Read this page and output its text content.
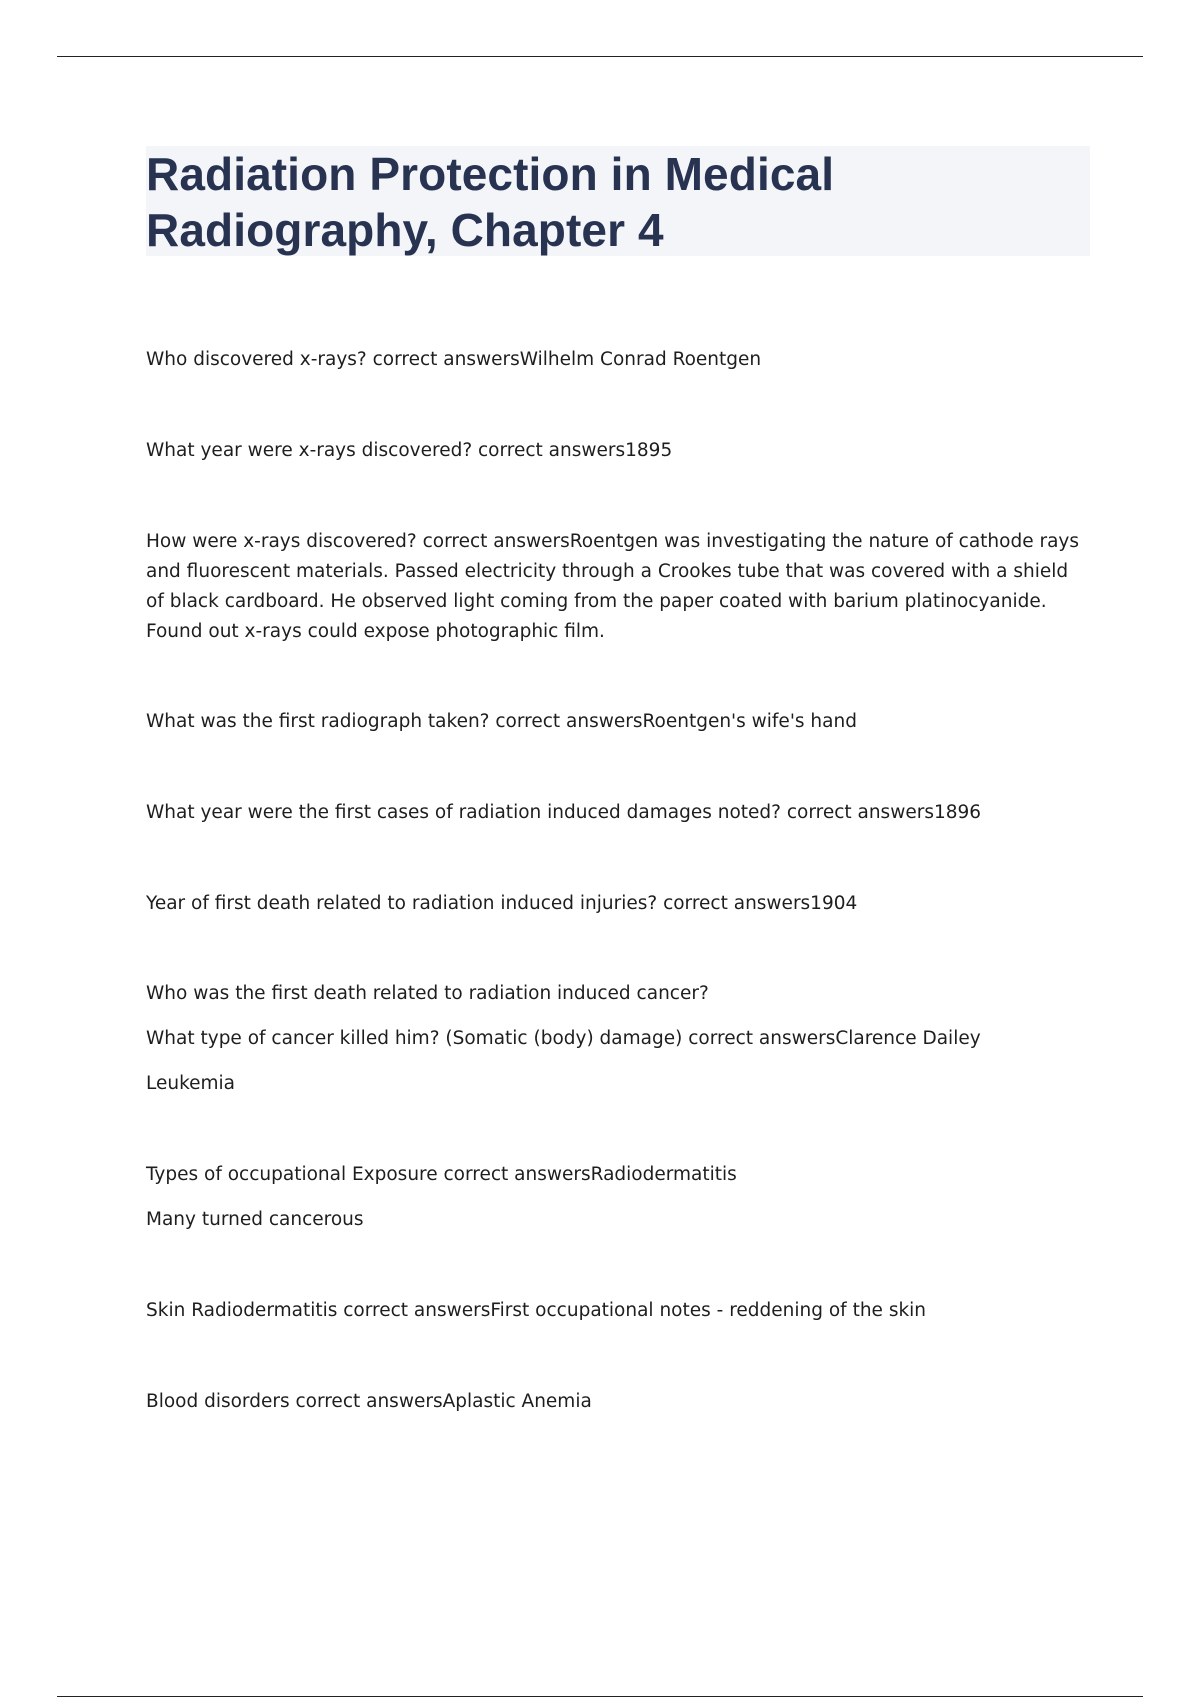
Radiation Protection in Medical
Radiography, Chapter 4

Who discovered x-rays? correct answersWilhelm Conrad Roentgen

What year were x-rays discovered? correct answers1895

How were x-rays discovered? correct answersRoentgen was investigating the nature of cathode rays and fluorescent materials. Passed electricity through a Crookes tube that was covered with a shield of black cardboard. He observed light coming from the paper coated with barium platinocyanide. Found out x-rays could expose photographic film.

What was the first radiograph taken? correct answersRoentgen's wife's hand

What year were the first cases of radiation induced damages noted? correct answers1896

Year of first death related to radiation induced injuries? correct answers1904

Who was the first death related to radiation induced cancer?

What type of cancer killed him? (Somatic (body) damage) correct answersClarence Dailey

Leukemia

Types of occupational Exposure correct answersRadiodermatitis

Many turned cancerous

Skin Radiodermatitis correct answersFirst occupational notes - reddening of the skin

Blood disorders correct answersAplastic Anemia
